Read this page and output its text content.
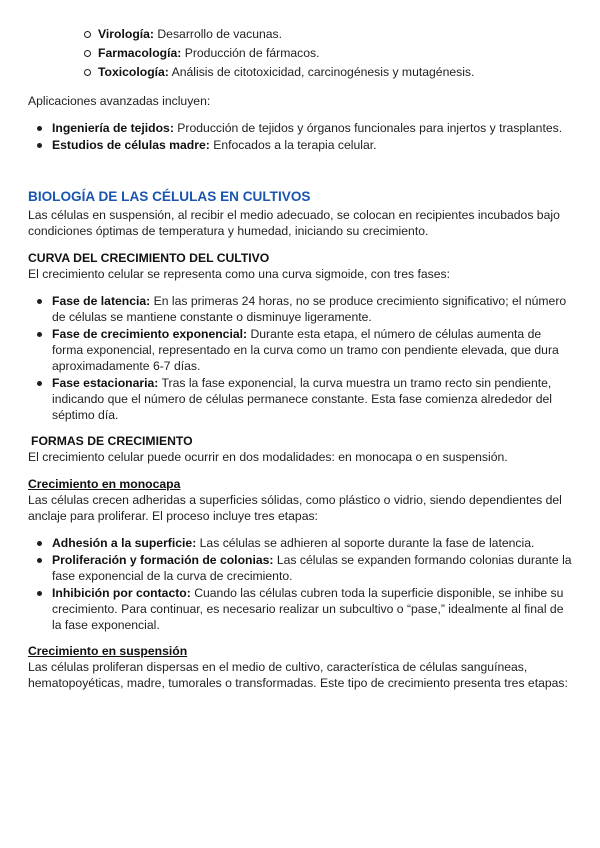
Virología: Desarrollo de vacunas.
Farmacología: Producción de fármacos.
Toxicología: Análisis de citotoxicidad, carcinogénesis y mutagénesis.

Aplicaciones avanzadas incluyen:

Ingeniería de tejidos: Producción de tejidos y órganos funcionales para injertos y trasplantes.
Estudios de células madre: Enfocados a la terapia celular.

BIOLOGÍA DE LAS CÉLULAS EN CULTIVOS

Las células en suspensión, al recibir el medio adecuado, se colocan en recipientes incubados bajo condiciones óptimas de temperatura y humedad, iniciando su crecimiento.

CURVA DEL CRECIMIENTO DEL CULTIVO

El crecimiento celular se representa como una curva sigmoide, con tres fases:

Fase de latencia: En las primeras 24 horas, no se produce crecimiento significativo; el número de células se mantiene constante o disminuye ligeramente.
Fase de crecimiento exponencial: Durante esta etapa, el número de células aumenta de forma exponencial, representado en la curva como un tramo con pendiente elevada, que dura aproximadamente 6-7 días.
Fase estacionaria: Tras la fase exponencial, la curva muestra un tramo recto sin pendiente, indicando que el número de células permanece constante. Esta fase comienza alrededor del séptimo día.

FORMAS DE CRECIMIENTO

El crecimiento celular puede ocurrir en dos modalidades: en monocapa o en suspensión.

Crecimiento en monocapa

Las células crecen adheridas a superficies sólidas, como plástico o vidrio, siendo dependientes del anclaje para proliferar. El proceso incluye tres etapas:

Adhesión a la superficie: Las células se adhieren al soporte durante la fase de latencia.
Proliferación y formación de colonias: Las células se expanden formando colonias durante la fase exponencial de la curva de crecimiento.
Inhibición por contacto: Cuando las células cubren toda la superficie disponible, se inhibe su crecimiento. Para continuar, es necesario realizar un subcultivo o “pase,” idealmente al final de la fase exponencial.

Crecimiento en suspensión

Las células proliferan dispersas en el medio de cultivo, característica de células sanguíneas, hematopoyéticas, madre, tumorales o transformadas. Este tipo de crecimiento presenta tres etapas:
